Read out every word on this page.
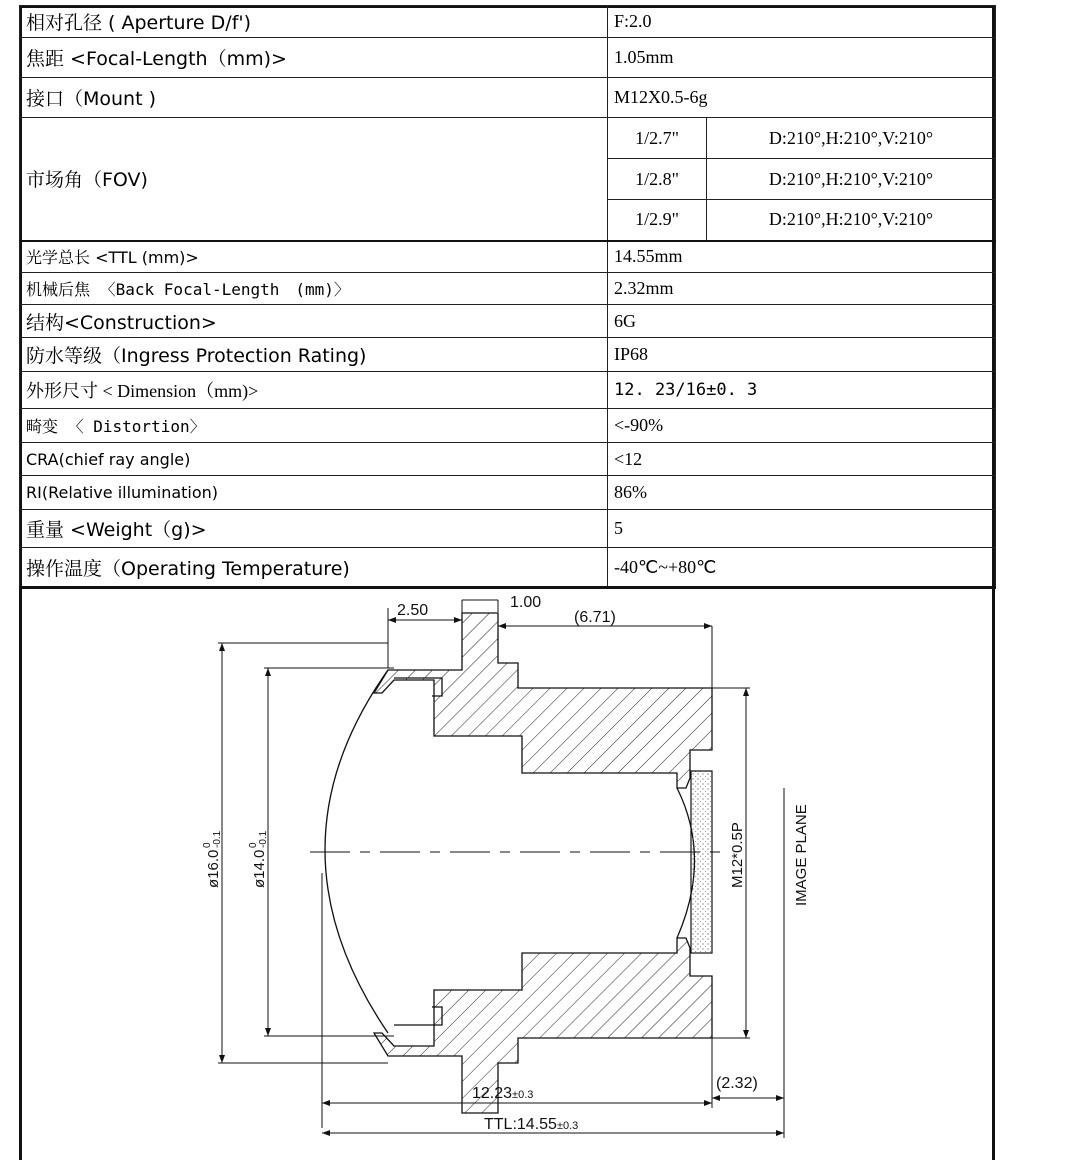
相对孔径 ( Aperture D/f')	F:2.0	
焦距 <Focal-Length（mm)>	1.05mm	
接口（Mount )	M12X0.5-6g	
市场角（FOV)	1/2.7"	D:210°,H:210°,V:210°
	1/2.8"	D:210°,H:210°,V:210°
	1/2.9"	D:210°,H:210°,V:210°
光学总长 <TTL (mm)>	14.55mm	
机械后焦 〈Back Focal-Length　(mm)〉	2.32mm	
结构<Construction>	6G	
防水等级（Ingress Protection Rating)	IP68	
外形尺寸 < Dimension（mm)>	12. 23/16±0. 3	
畸变 〈 Distortion〉	<-90%	
CRA(chief ray angle)	<12	
RI(Relative illumination)	86%	
重量 <Weight（g)>	5	
操作温度（Operating Temperature)	-40℃~+80℃	
2.50	1.00
(6.71)
(2.32)
12.23±0.3
TTL:14.55±0.3
ø16.0
0 -0.1
ø14.0
0 -0.1	M12*0.5P	IMAGE PLANE
